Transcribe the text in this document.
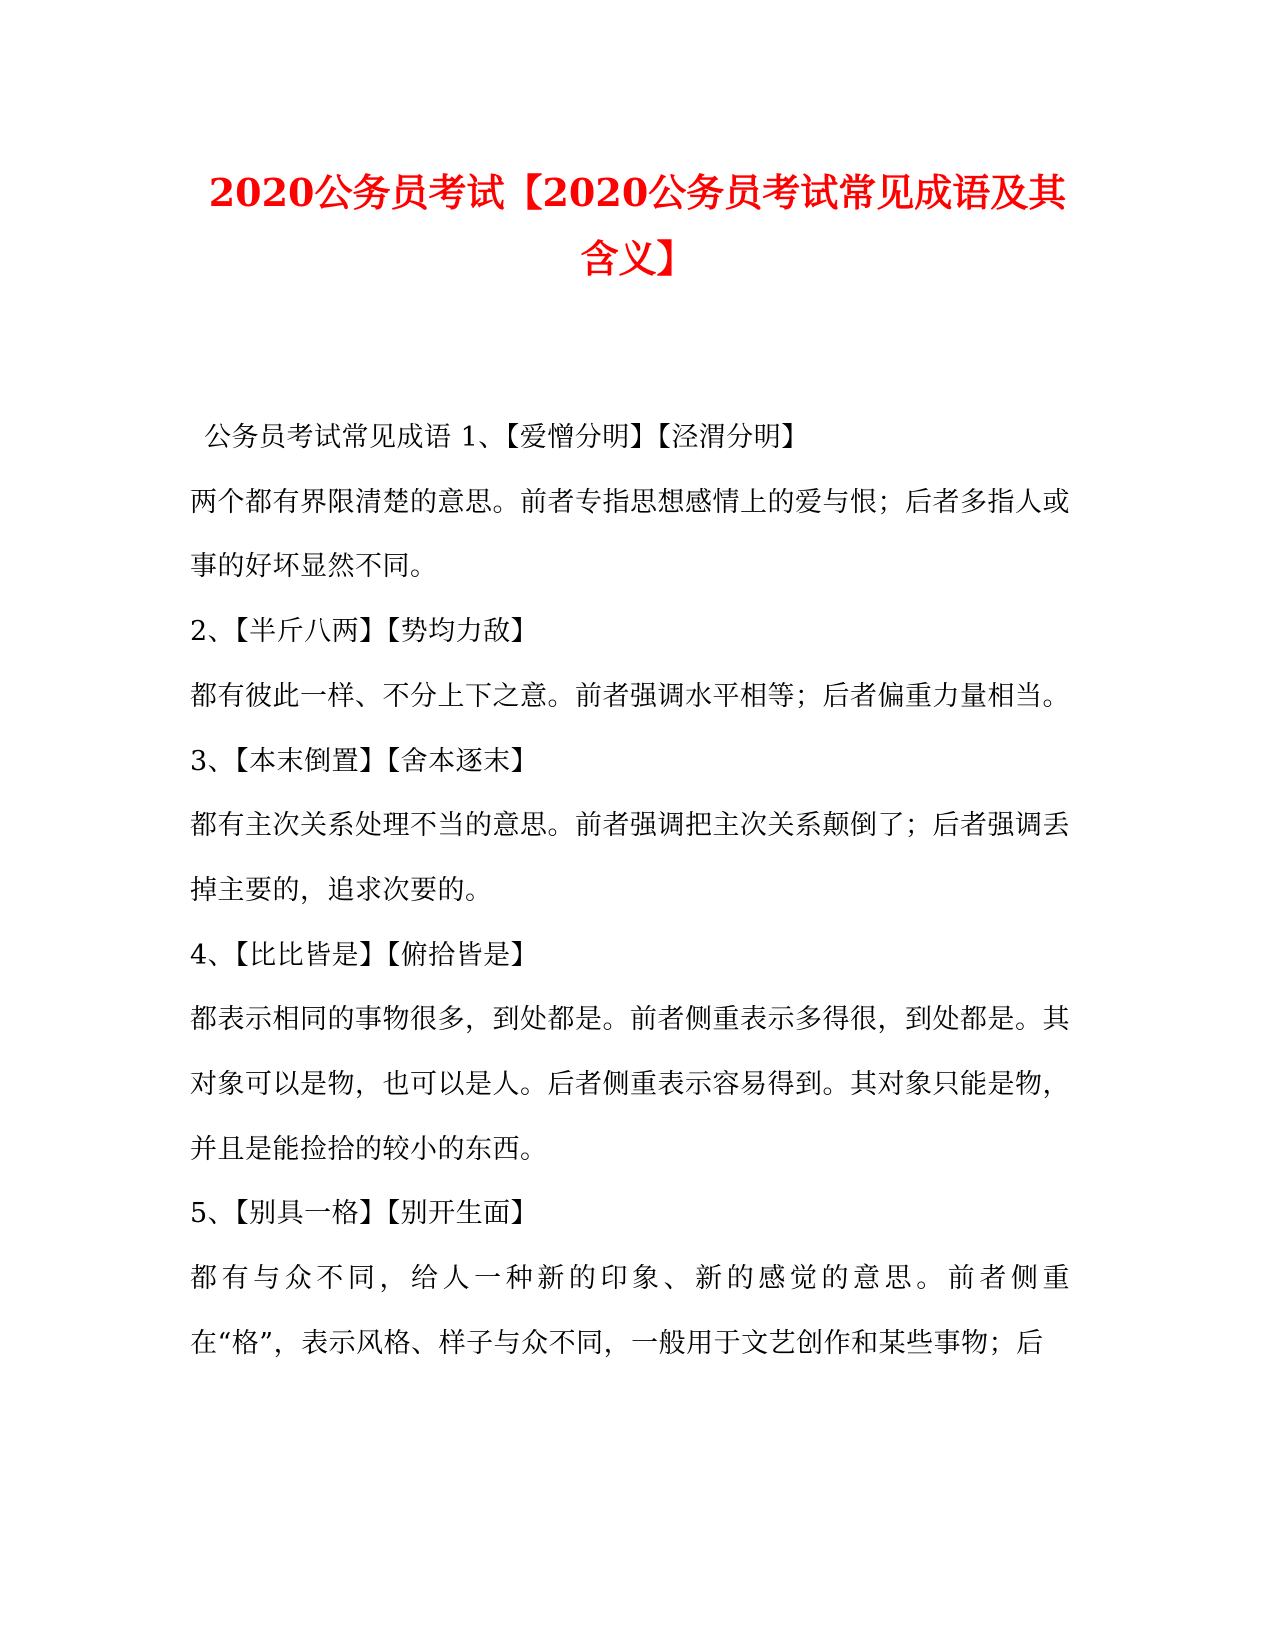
2020公务员考试【2020公务员考试常见成语及其含义】

公务员考试常见成语 1、【爱憎分明】【泾渭分明】

两个都有界限清楚的意思。前者专指思想感情上的爱与恨；后者多指人或事的好坏显然不同。

2、【半斤八两】【势均力敌】

都有彼此一样、不分上下之意。前者强调水平相等；后者偏重力量相当。

3、【本末倒置】【舍本逐末】

都有主次关系处理不当的意思。前者强调把主次关系颠倒了；后者强调丢掉主要的，追求次要的。

4、【比比皆是】【俯拾皆是】

都表示相同的事物很多，到处都是。前者侧重表示多得很，到处都是。其对象可以是物，也可以是人。后者侧重表示容易得到。其对象只能是物，并且是能捡拾的较小的东西。

5、【别具一格】【别开生面】

都有与众不同，给人一种新的印象、新的感觉的意思。前者侧重在“格”，表示风格、样子与众不同，一般用于文艺创作和某些事物；后
